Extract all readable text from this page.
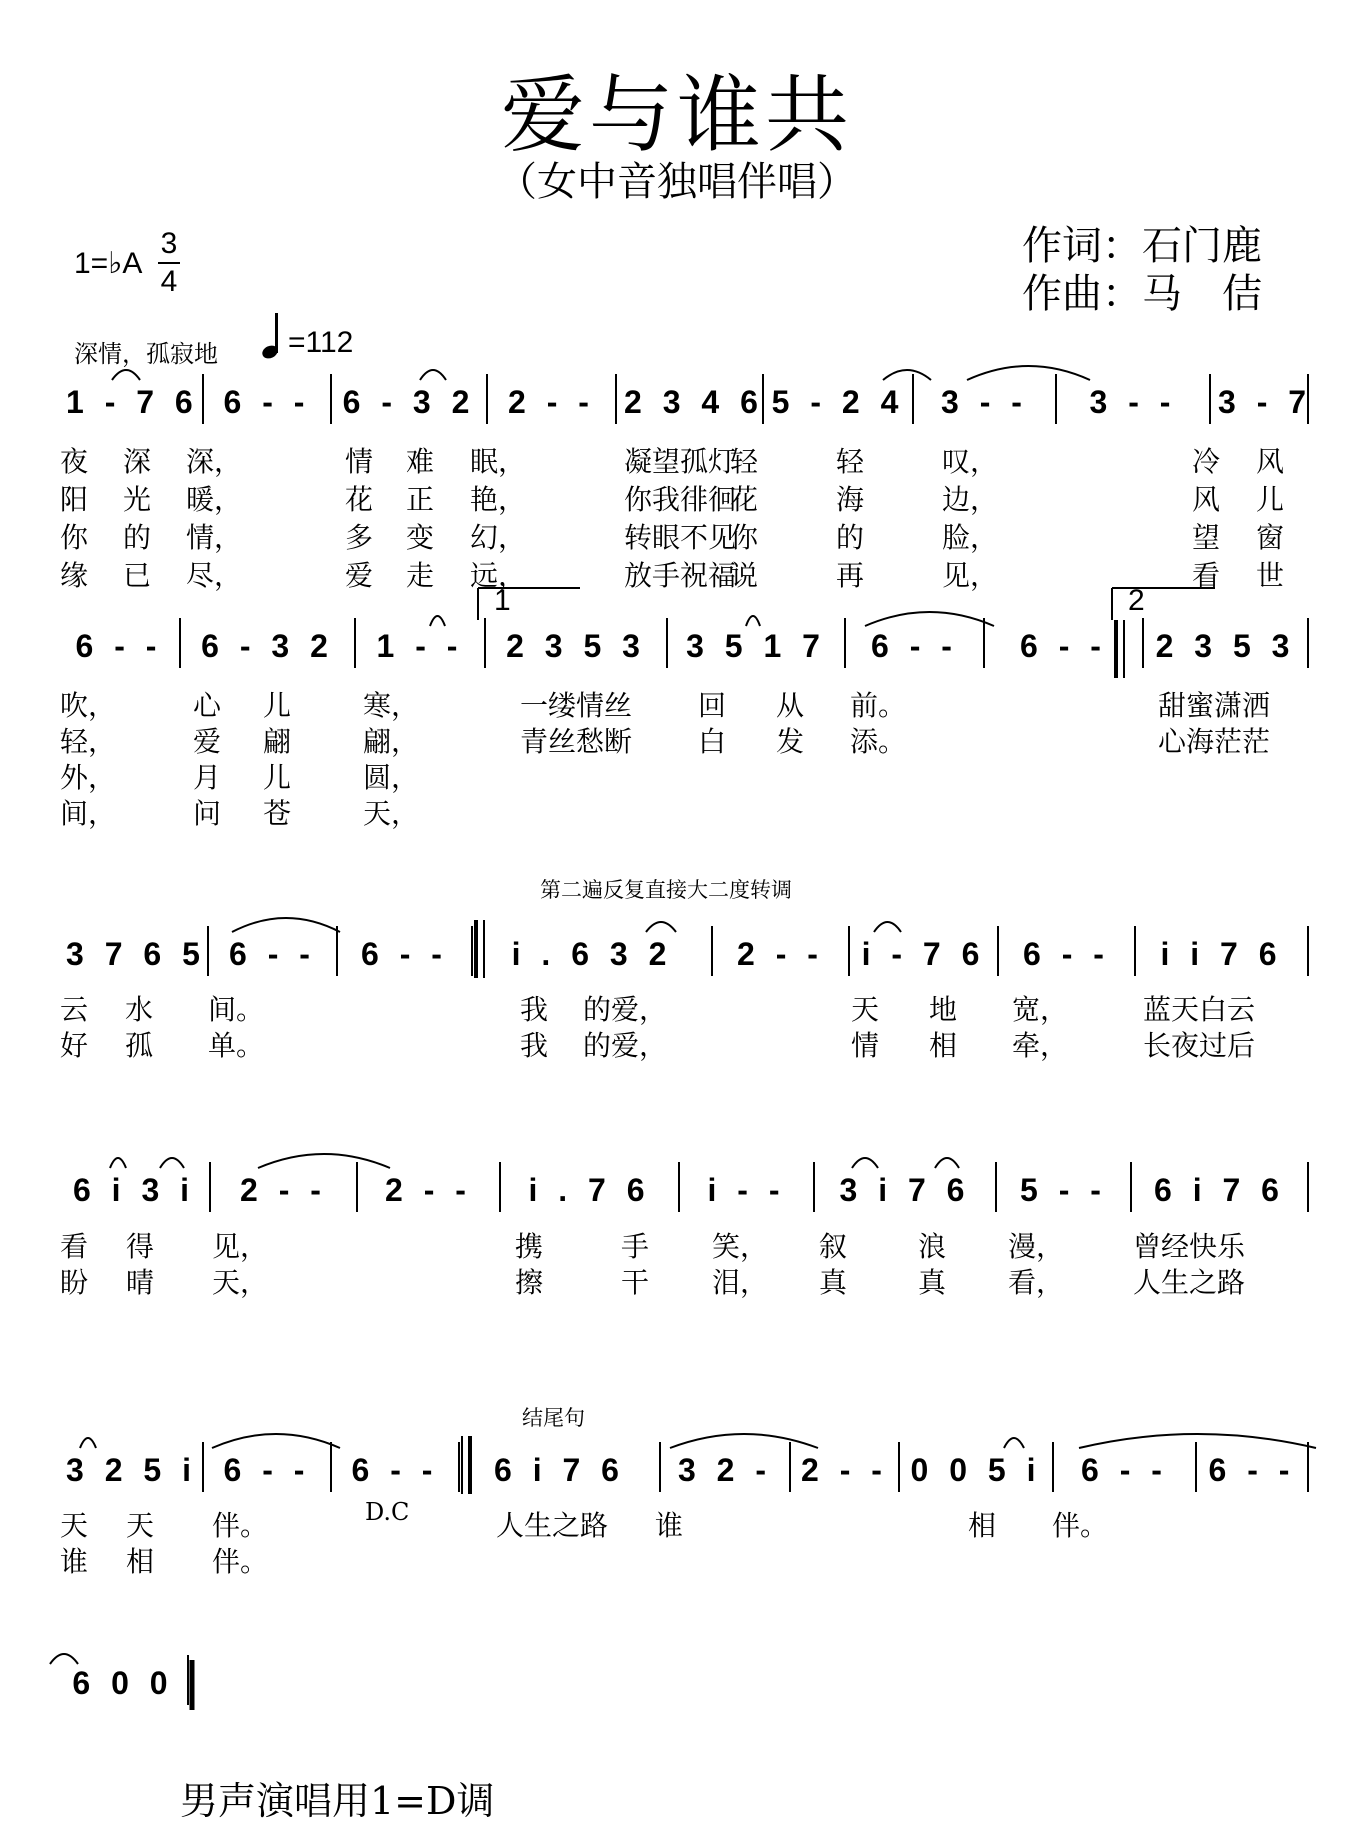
爱与谁共
（女中音独唱伴唱）
1=♭A
3
4
作词：石门鹿
作曲：马　佶
深情，孤寂地 =112
第二遍反复直接大二度转调
结尾句
D.C
1 - 7 6 6 - -	6 - 3 2	2 - - 2 3 4 6 5 - 2 4	3 - -	3 - -	3 - 7
夜 深 深，	情 难 眠，	凝望孤灯
轻	轻	叹，	冷 风
阳 光 暖，	花 正 艳，	你我徘徊
花	海	边，	风 儿
你 的 情，	多 变 幻，	转眼不见
你	的	脸，	望 窗
缘 已 尽，	爱 走 远，	放手祝福
说	再	见，	看 世
6 - -	6 - 3 2	1 - -	2 3 5 3	3 5 1 7	6 - -	6 - -	2 3 5 3
吹，	心 儿	寒，	一缕情丝 回 从 前。	甜蜜潇洒
轻，	爱 翩	翩，	青丝愁断 白 发 添。	心海茫茫
外，	月 儿	圆，
间，	问 苍	天，
3 7 6 5 6 - -	6 - -	i . 6 3 2	2 - -	i - 7 6	6 - -	i i 7 6
云 水 间。	我 的爱，	天 地 宽，	蓝天白云
好 孤 单。	我 的爱，	情 相 牵，	长夜过后
6 i 3 i	2 - -	2 - -	i . 7 6	i - -	3 i 7 6	5 - -	6 i 7 6
看 得 见，	携	手 笑， 叙	浪 漫， 曾经快乐
盼 晴 天，	擦	干 泪， 真	真 看， 人生之路
3 2 5 i 6 - -	6 - -	6 i 7 6	3 2 - 2 - - 0 0 5 i	6 - -	6 - -
天 天 伴。	人生之路 谁	相 伴。
谁 相 伴。
6 0 0
1	2
男声演唱用1=D调
